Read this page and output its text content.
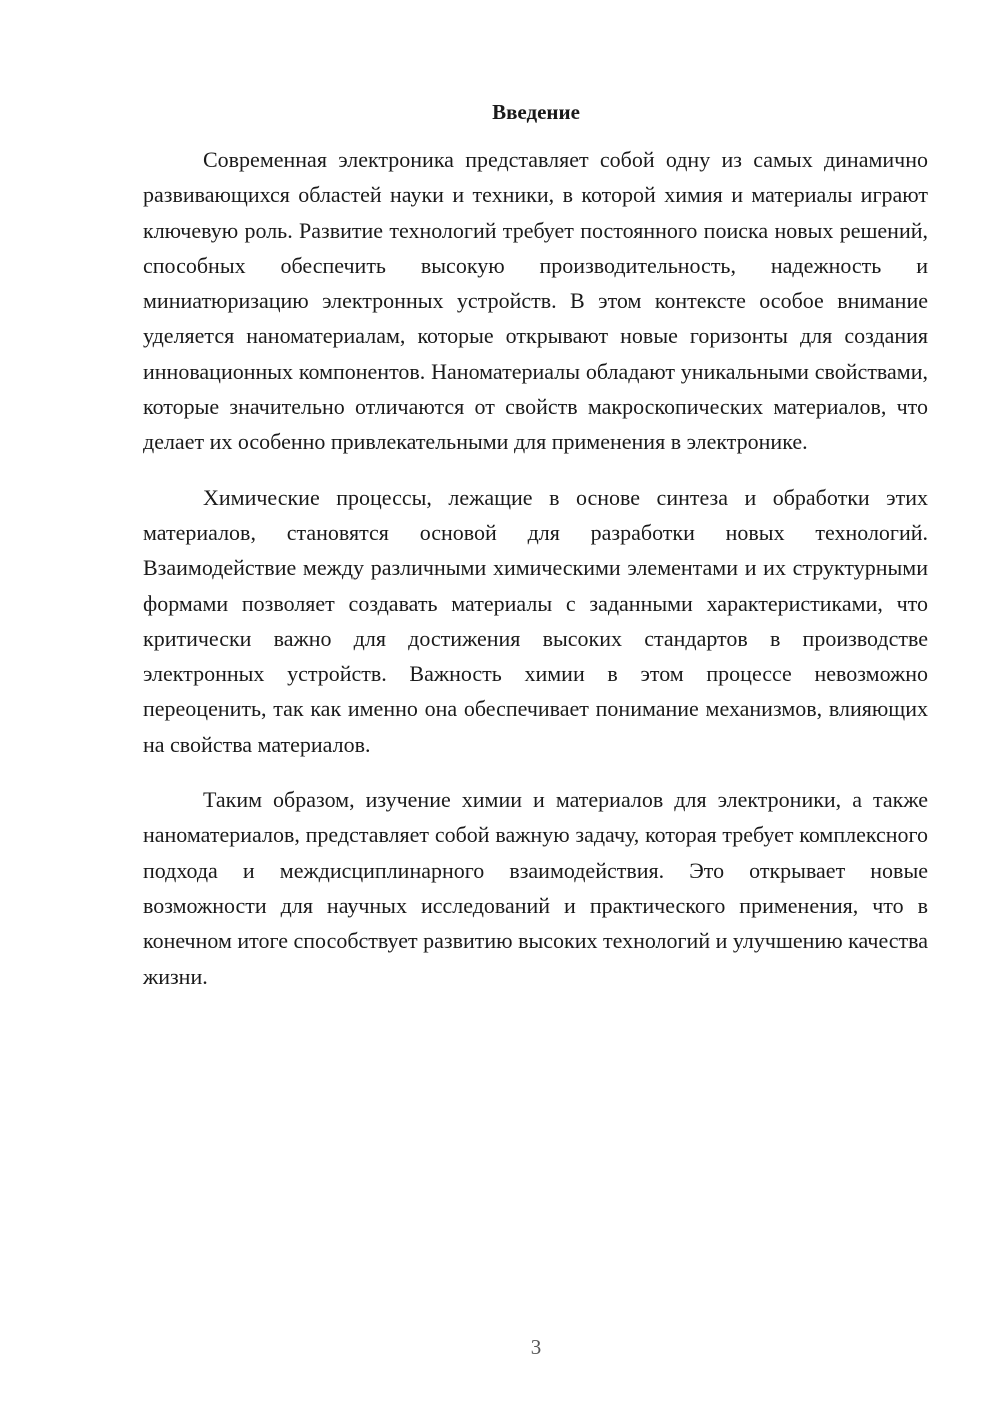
Введение

Современная электроника представляет собой одну из самых динамично развивающихся областей науки и техники, в которой химия и материалы играют ключевую роль. Развитие технологий требует постоянного поиска новых решений, способных обеспечить высокую производительность, надежность и миниатюризацию электронных устройств. В этом контексте особое внимание уделяется наноматериалам, которые открывают новые горизонты для создания инновационных компонентов. Наноматериалы обладают уникальными свойствами, которые значительно отличаются от свойств макроскопических материалов, что делает их особенно привлекательными для применения в электронике.

Химические процессы, лежащие в основе синтеза и обработки этих материалов, становятся основой для разработки новых технологий. Взаимодействие между различными химическими элементами и их структурными формами позволяет создавать материалы с заданными характеристиками, что критически важно для достижения высоких стандартов в производстве электронных устройств. Важность химии в этом процессе невозможно переоценить, так как именно она обеспечивает понимание механизмов, влияющих на свойства материалов.

Таким образом, изучение химии и материалов для электроники, а также наноматериалов, представляет собой важную задачу, которая требует комплексного подхода и междисциплинарного взаимодействия. Это открывает новые возможности для научных исследований и практического применения, что в конечном итоге способствует развитию высоких технологий и улучшению качества жизни.

3
